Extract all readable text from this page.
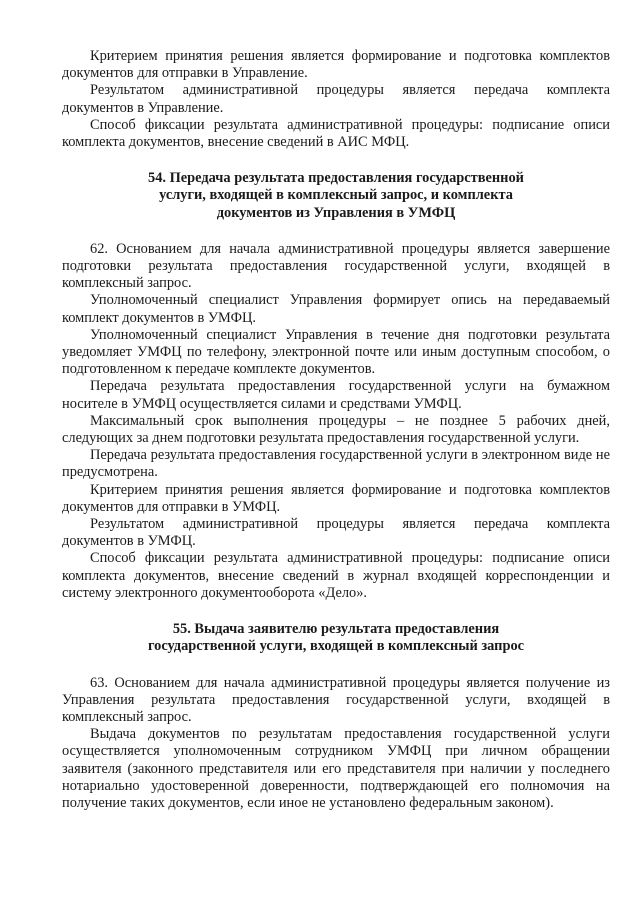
Критерием принятия решения является формирование и подготовка комплектов документов для отправки в Управление.

Результатом административной процедуры является передача комплекта документов в Управление.

Способ фиксации результата административной процедуры: подписание описи комплекта документов, внесение сведений в АИС МФЦ.

54. Передача результата предоставления государственной
услуги, входящей в комплексный запрос, и комплекта
документов из Управления в УМФЦ

62. Основанием для начала административной процедуры является завершение подготовки результата предоставления государственной услуги, входящей в комплексный запрос.

Уполномоченный специалист Управления формирует опись на передаваемый комплект документов в УМФЦ.

Уполномоченный специалист Управления в течение дня подготовки результата уведомляет УМФЦ по телефону, электронной почте или иным доступным способом, о подготовленном к передаче комплекте документов.

Передача результата предоставления государственной услуги на бумажном носителе в УМФЦ осуществляется силами и средствами УМФЦ.

Максимальный срок выполнения процедуры – не позднее 5 рабочих дней, следующих за днем подготовки результата предоставления государственной услуги.

Передача результата предоставления государственной услуги в электронном виде не предусмотрена.

Критерием принятия решения является формирование и подготовка комплектов документов для отправки в УМФЦ.

Результатом административной процедуры является передача комплекта документов в УМФЦ.

Способ фиксации результата административной процедуры: подписание описи комплекта документов, внесение сведений в журнал входящей корреспонденции и систему электронного документооборота «Дело».

55. Выдача заявителю результата предоставления
государственной услуги, входящей в комплексный запрос

63. Основанием для начала административной процедуры является получение из Управления результата предоставления государственной услуги, входящей в комплексный запрос.

Выдача документов по результатам предоставления государственной услуги осуществляется уполномоченным сотрудником УМФЦ при личном обращении заявителя (законного представителя или его представителя при наличии у последнего нотариально удостоверенной доверенности, подтверждающей его полномочия на получение таких документов, если иное не установлено федеральным законом).
